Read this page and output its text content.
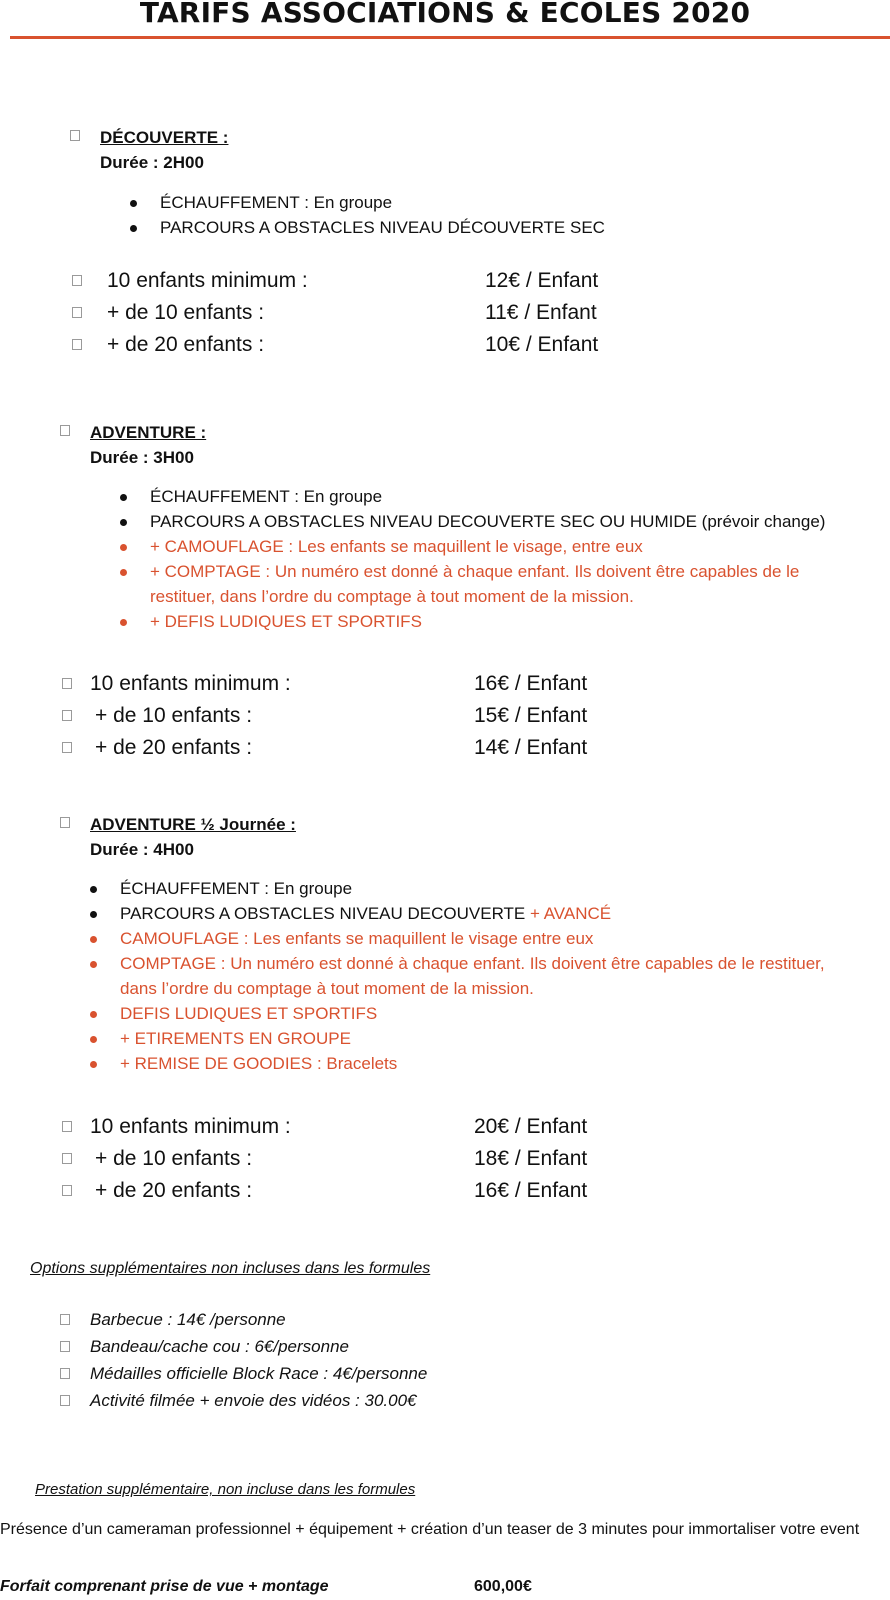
TARIFS ASSOCIATIONS & ECOLES 2020
DÉCOUVERTE :
Durée : 2H00
ÉCHAUFFEMENT : En groupe
PARCOURS A OBSTACLES NIVEAU DÉCOUVERTE SEC
10 enfants minimum :	12€ / Enfant
+ de 10 enfants :	11€ / Enfant
+ de 20 enfants :	10€ / Enfant
ADVENTURE :
Durée : 3H00
ÉCHAUFFEMENT : En groupe
PARCOURS A OBSTACLES NIVEAU DECOUVERTE SEC OU HUMIDE (prévoir change)
+ CAMOUFLAGE : Les enfants se maquillent le visage, entre eux
+ COMPTAGE : Un numéro est donné à chaque enfant. Ils doivent être capables de le restituer, dans l’ordre du comptage à tout moment de la mission.
+ DEFIS LUDIQUES ET SPORTIFS
10 enfants minimum :	16€ / Enfant
+ de 10 enfants :	15€ / Enfant
+ de 20 enfants :	14€ / Enfant
ADVENTURE ½ Journée :
Durée : 4H00
ÉCHAUFFEMENT : En groupe
PARCOURS A OBSTACLES NIVEAU DECOUVERTE + AVANCÉ
CAMOUFLAGE : Les enfants se maquillent le visage entre eux
COMPTAGE : Un numéro est donné à chaque enfant. Ils doivent être capables de le restituer, dans l’ordre du comptage à tout moment de la mission.
DEFIS LUDIQUES ET SPORTIFS
+ ETIREMENTS EN GROUPE
+ REMISE DE GOODIES : Bracelets
10 enfants minimum :	20€ / Enfant
+ de 10 enfants :	18€ / Enfant
+ de 20 enfants :	16€ / Enfant
Options supplémentaires non incluses dans les formules
Barbecue : 14€ /personne
Bandeau/cache cou : 6€/personne
Médailles officielle Block Race : 4€/personne
Activité filmée + envoie des vidéos : 30.00€
Prestation supplémentaire, non incluse dans les formules
Présence d’un cameraman professionnel + équipement + création d’un teaser de 3 minutes pour immortaliser votre event
Forfait comprenant prise de vue + montage	600,00€
